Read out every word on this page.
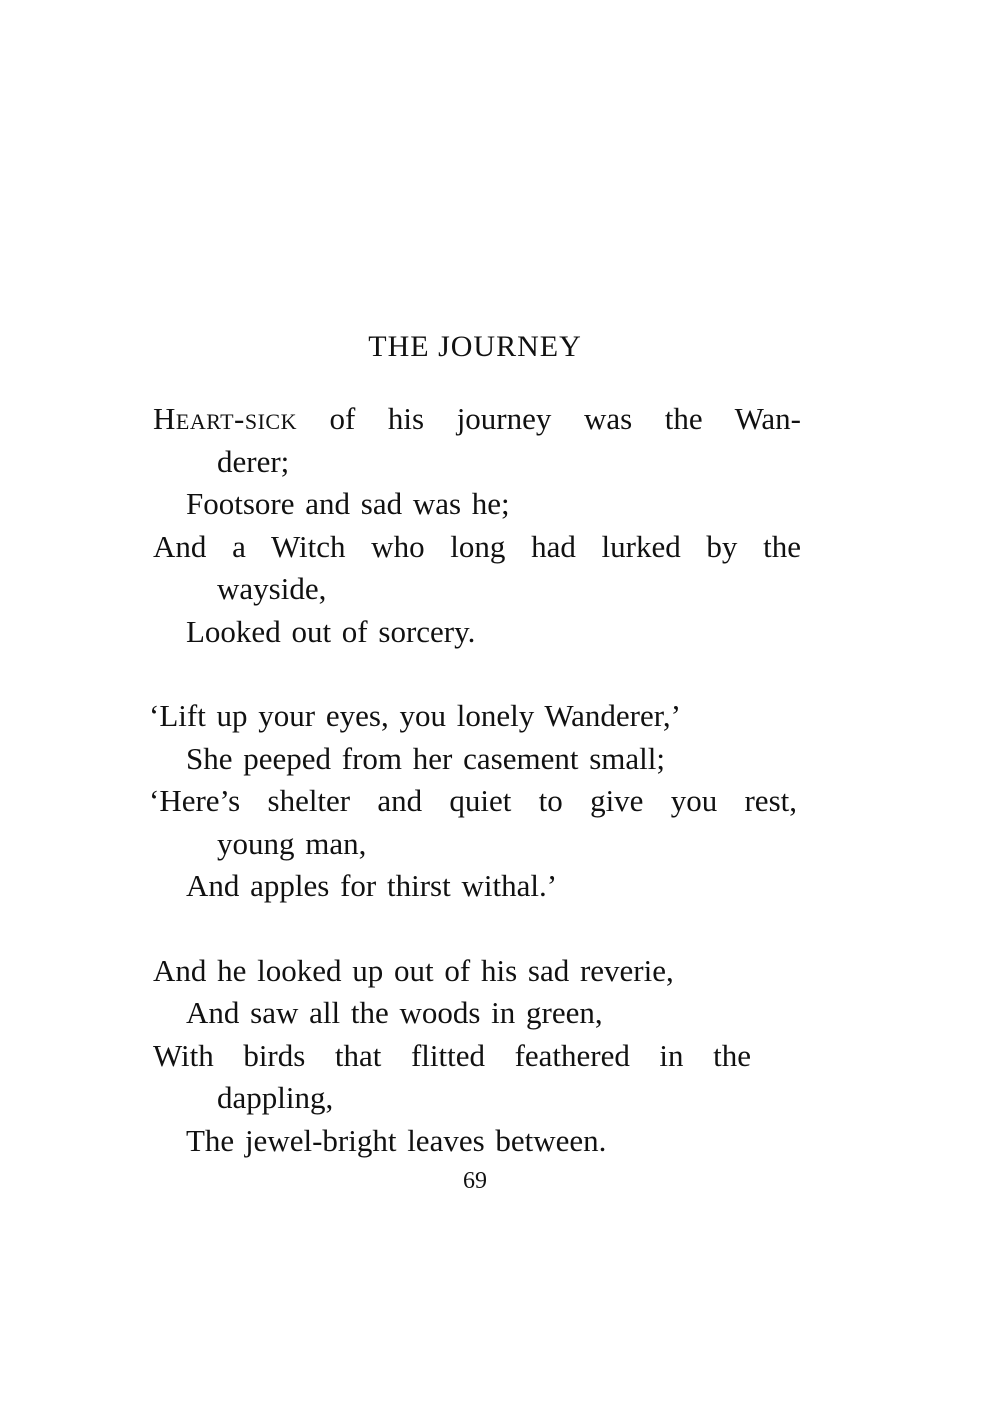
THE JOURNEY
Heart-sick of his journey was the Wan-
derer;
Footsore and sad was he;
And a Witch who long had lurked by the
wayside,
Looked out of sorcery.
‘Lift up your eyes, you lonely Wanderer,’
She peeped from her casement small;
‘Here’s shelter and quiet to give you rest,
young man,
And apples for thirst withal.’
And he looked up out of his sad reverie,
And saw all the woods in green,
With birds that flitted feathered in the
dappling,
The jewel-bright leaves between.
69
